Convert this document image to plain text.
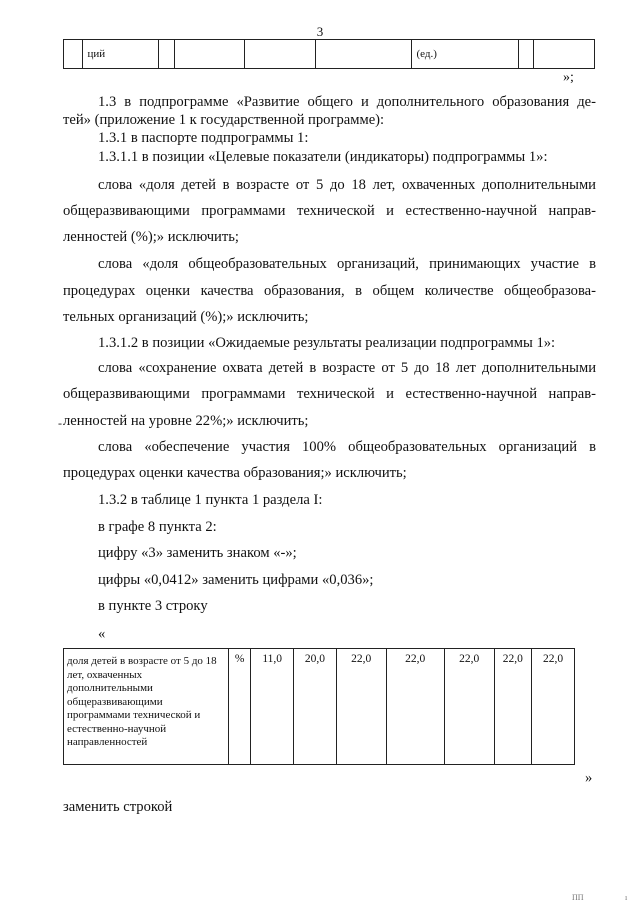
3
	ций					(ед.)		
»;
1.3 в подпрограмме «Развитие общего и дополнительного образования де-
тей» (приложение 1 к государственной программе):
1.3.1 в паспорте подпрограммы 1:
1.3.1.1 в позиции «Целевые показатели (индикаторы) подпрограммы 1»:
слова «доля детей в возрасте от 5 до 18 лет, охваченных дополнительными
общеразвивающими программами технической и естественно-научной направ-
ленностей (%);» исключить;
слова «доля общеобразовательных организаций, принимающих участие в
процедурах оценки качества образования, в общем количестве общеобразова-
тельных организаций (%);» исключить;
1.3.1.2 в позиции «Ожидаемые результаты реализации подпрограммы 1»:
слова «сохранение охвата детей в возрасте от 5 до 18 лет дополнительными
общеразвивающими программами технической и естественно-научной направ-
- ленностей на уровне 22%;» исключить;
слова «обеспечение участия 100% общеобразовательных организаций в
процедурах оценки качества образования;» исключить;
1.3.2 в таблице 1 пункта 1 раздела I:
в графе 8 пункта 2:
цифру «3» заменить знаком «-»;
цифры «0,0412» заменить цифрами «0,036»;
в пункте 3 строку
«
доля детей в возрасте от 5 до 18 лет, охваченных дополнительными общеразвивающими программами технической и естественно-научной направленностей	%	11,0	20,0	22,0	22,0	22,0	22,0	22,0
»
заменить строкой
ПП	ı
